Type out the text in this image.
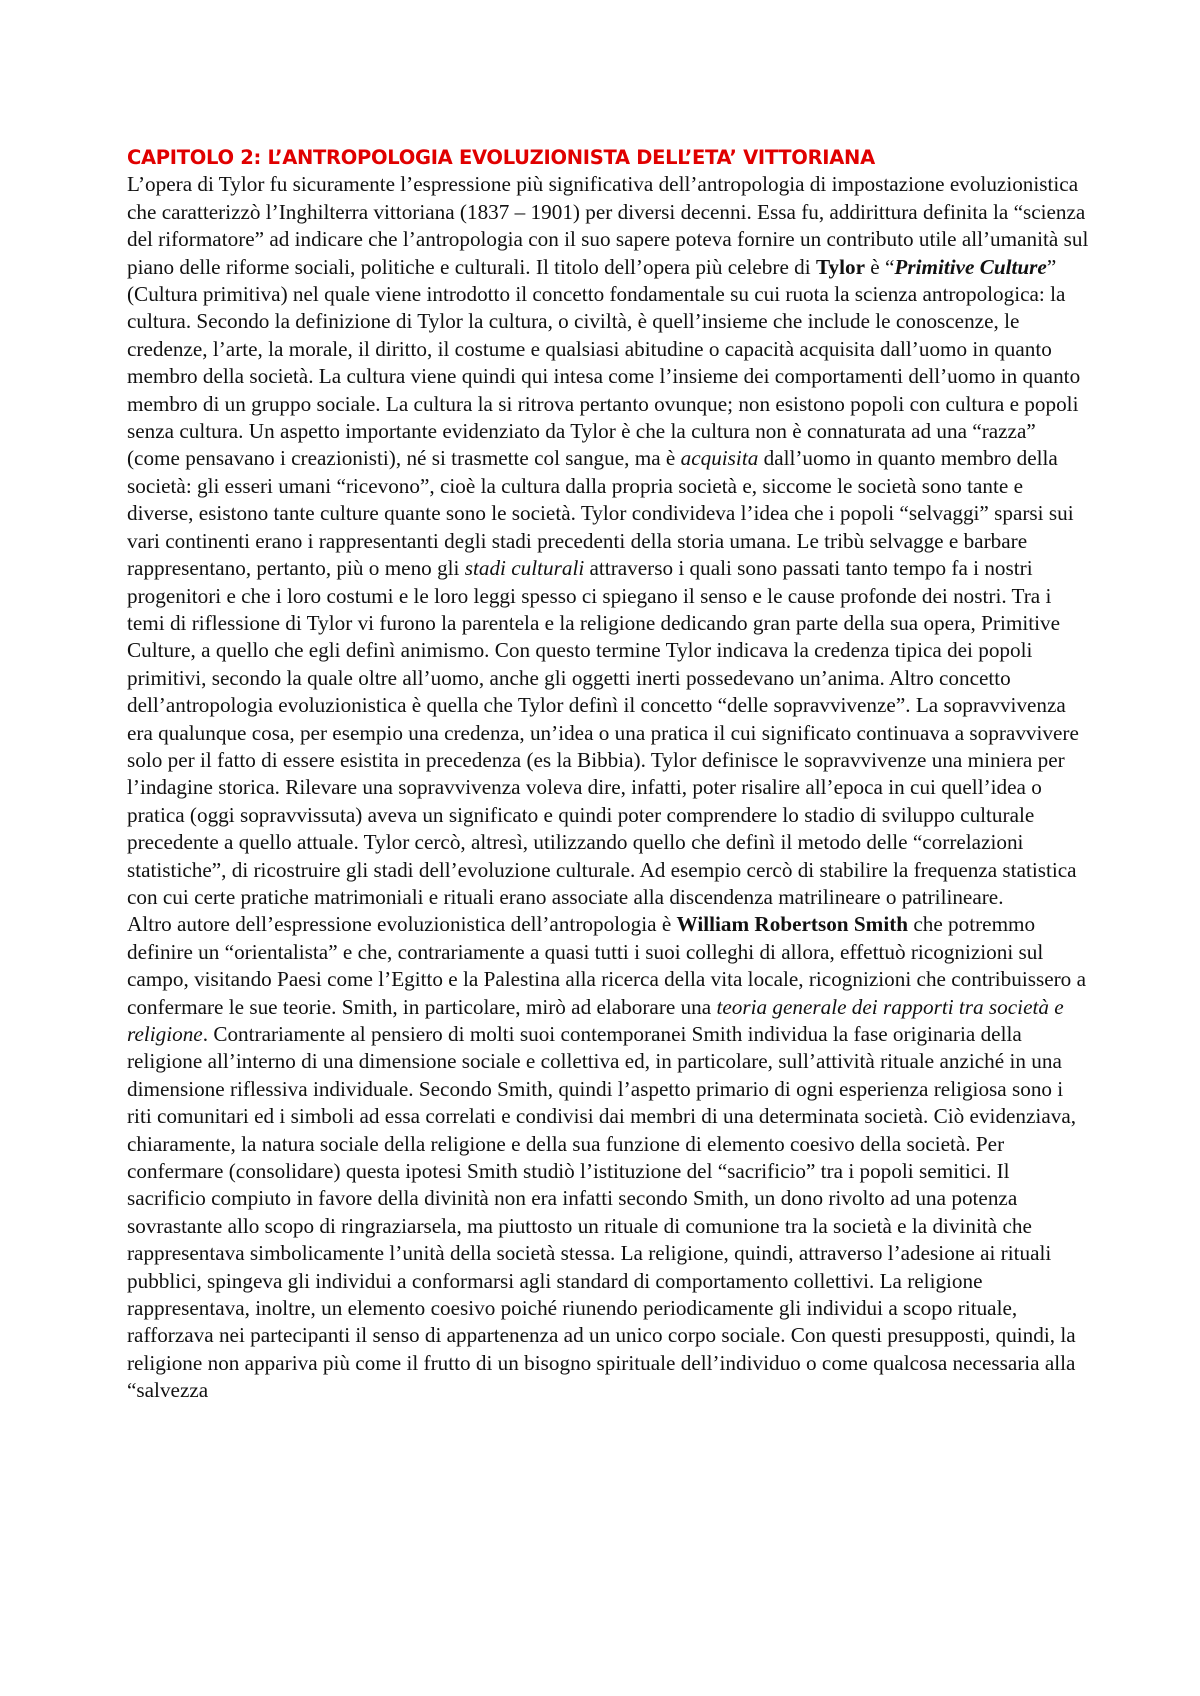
CAPITOLO 2: L’ANTROPOLOGIA EVOLUZIONISTA DELL’ETA’ VITTORIANA

L’opera di Tylor fu sicuramente l’espressione più significativa dell’antropologia di impostazione evoluzionistica che caratterizzò l’Inghilterra vittoriana (1837 – 1901) per diversi decenni. Essa fu, addirittura definita la “scienza del riformatore” ad indicare che l’antropologia con il suo sapere poteva fornire un contributo utile all’umanità sul piano delle riforme sociali, politiche e culturali. Il titolo dell’opera più celebre di Tylor è “Primitive Culture” (Cultura primitiva) nel quale viene introdotto il concetto fondamentale su cui ruota la scienza antropologica: la cultura. Secondo la definizione di Tylor la cultura, o civiltà, è quell’insieme che include le conoscenze, le credenze, l’arte, la morale, il diritto, il costume e qualsiasi abitudine o capacità acquisita dall’uomo in quanto membro della società. La cultura viene quindi qui intesa come l’insieme dei comportamenti dell’uomo in quanto membro di un gruppo sociale. La cultura la si ritrova pertanto ovunque; non esistono popoli con cultura e popoli senza cultura. Un aspetto importante evidenziato da Tylor è che la cultura non è connaturata ad una “razza” (come pensavano i creazionisti), né si trasmette col sangue, ma è acquisita dall’uomo in quanto membro della società: gli esseri umani “ricevono”, cioè la cultura dalla propria società e, siccome le società sono tante e diverse, esistono tante culture quante sono le società. Tylor condivideva l’idea che i popoli “selvaggi” sparsi sui vari continenti erano i rappresentanti degli stadi precedenti della storia umana. Le tribù selvagge e barbare rappresentano, pertanto, più o meno gli stadi culturali attraverso i quali sono passati tanto tempo fa i nostri progenitori e che i loro costumi e le loro leggi spesso ci spiegano il senso e le cause profonde dei nostri. Tra i temi di riflessione di Tylor vi furono la parentela e la religione dedicando gran parte della sua opera, Primitive Culture, a quello che egli definì animismo. Con questo termine Tylor indicava la credenza tipica dei popoli primitivi, secondo la quale oltre all’uomo, anche gli oggetti inerti possedevano un’anima. Altro concetto dell’antropologia evoluzionistica è quella che Tylor definì il concetto “delle sopravvivenze”. La sopravvivenza era qualunque cosa, per esempio una credenza, un’idea o una pratica il cui significato continuava a sopravvivere solo per il fatto di essere esistita in precedenza (es la Bibbia). Tylor definisce le sopravvivenze una miniera per l’indagine storica. Rilevare una sopravvivenza voleva dire, infatti, poter risalire all’epoca in cui quell’idea o pratica (oggi sopravvissuta) aveva un significato e quindi poter comprendere lo stadio di sviluppo culturale precedente a quello attuale. Tylor cercò, altresì, utilizzando quello che definì il metodo delle “correlazioni statistiche”, di ricostruire gli stadi dell’evoluzione culturale. Ad esempio cercò di stabilire la frequenza statistica con cui certe pratiche matrimoniali e rituali erano associate alla discendenza matrilineare o patrilineare.

Altro autore dell’espressione evoluzionistica dell’antropologia è William Robertson Smith che potremmo definire un “orientalista” e che, contrariamente a quasi tutti i suoi colleghi di allora, effettuò ricognizioni sul campo, visitando Paesi come l’Egitto e la Palestina alla ricerca della vita locale, ricognizioni che contribuissero a confermare le sue teorie. Smith, in particolare, mirò ad elaborare una teoria generale dei rapporti tra società e religione. Contrariamente al pensiero di molti suoi contemporanei Smith individua la fase originaria della religione all’interno di una dimensione sociale e collettiva ed, in particolare, sull’attività rituale anziché in una dimensione riflessiva individuale. Secondo Smith, quindi l’aspetto primario di ogni esperienza religiosa sono i riti comunitari ed i simboli ad essa correlati e condivisi dai membri di una determinata società. Ciò evidenziava, chiaramente, la natura sociale della religione e della sua funzione di elemento coesivo della società. Per confermare (consolidare) questa ipotesi Smith studiò l’istituzione del “sacrificio” tra i popoli semitici. Il sacrificio compiuto in favore della divinità non era infatti secondo Smith, un dono rivolto ad una potenza sovrastante allo scopo di ringraziarsela, ma piuttosto un rituale di comunione tra la società e la divinità che rappresentava simbolicamente l’unità della società stessa. La religione, quindi, attraverso l’adesione ai rituali pubblici, spingeva gli individui a conformarsi agli standard di comportamento collettivi. La religione rappresentava, inoltre, un elemento coesivo poiché riunendo periodicamente gli individui a scopo rituale, rafforzava nei partecipanti il senso di appartenenza ad un unico corpo sociale. Con questi presupposti, quindi, la religione non appariva più come il frutto di un bisogno spirituale dell’individuo o come qualcosa necessaria alla “salvezza
